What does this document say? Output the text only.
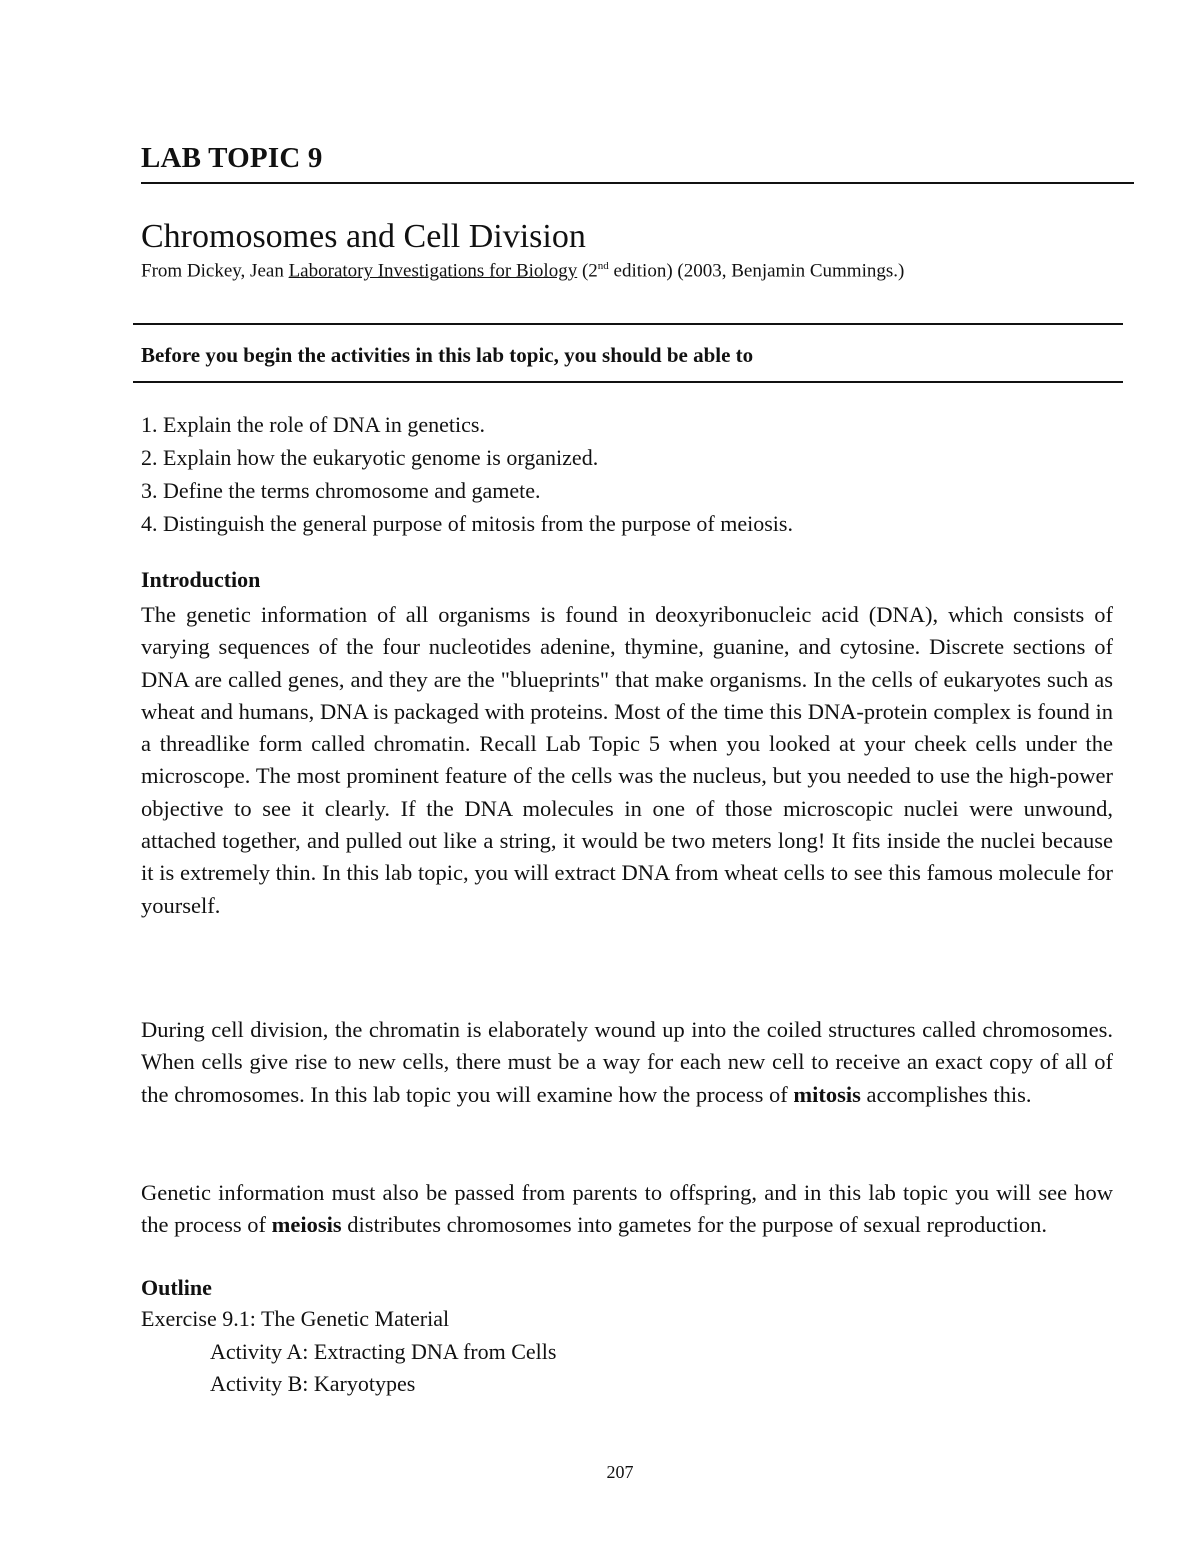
LAB TOPIC 9
Chromosomes and Cell Division
From Dickey, Jean Laboratory Investigations for Biology (2nd edition) (2003, Benjamin Cummings.)
Before you begin the activities in this lab topic, you should be able to
1. Explain the role of DNA in genetics.
2. Explain how the eukaryotic genome is organized.
3. Define the terms chromosome and gamete.
4. Distinguish the general purpose of mitosis from the purpose of meiosis.
Introduction

The genetic information of all organisms is found in deoxyribonucleic acid (DNA), which consists of varying sequences of the four nucleotides adenine, thymine, guanine, and cytosine. Discrete sections of DNA are called genes, and they are the "blueprints" that make organisms. In the cells of eukaryotes such as wheat and humans, DNA is packaged with proteins. Most of the time this DNA-protein complex is found in a threadlike form called chromatin. Recall Lab Topic 5 when you looked at your cheek cells under the microscope. The most prominent feature of the cells was the nucleus, but you needed to use the high-power objective to see it clearly. If the DNA molecules in one of those microscopic nuclei were unwound, attached together, and pulled out like a string, it would be two meters long! It fits inside the nuclei because it is extremely thin. In this lab topic, you will extract DNA from wheat cells to see this famous molecule for yourself.

During cell division, the chromatin is elaborately wound up into the coiled structures called chromosomes. When cells give rise to new cells, there must be a way for each new cell to receive an exact copy of all of the chromosomes. In this lab topic you will examine how the process of mitosis accomplishes this.

Genetic information must also be passed from parents to offspring, and in this lab topic you will see how the process of meiosis distributes chromosomes into gametes for the purpose of sexual reproduction.

Outline
Exercise 9.1: The Genetic Material
Activity A: Extracting DNA from Cells
Activity B: Karyotypes
207
